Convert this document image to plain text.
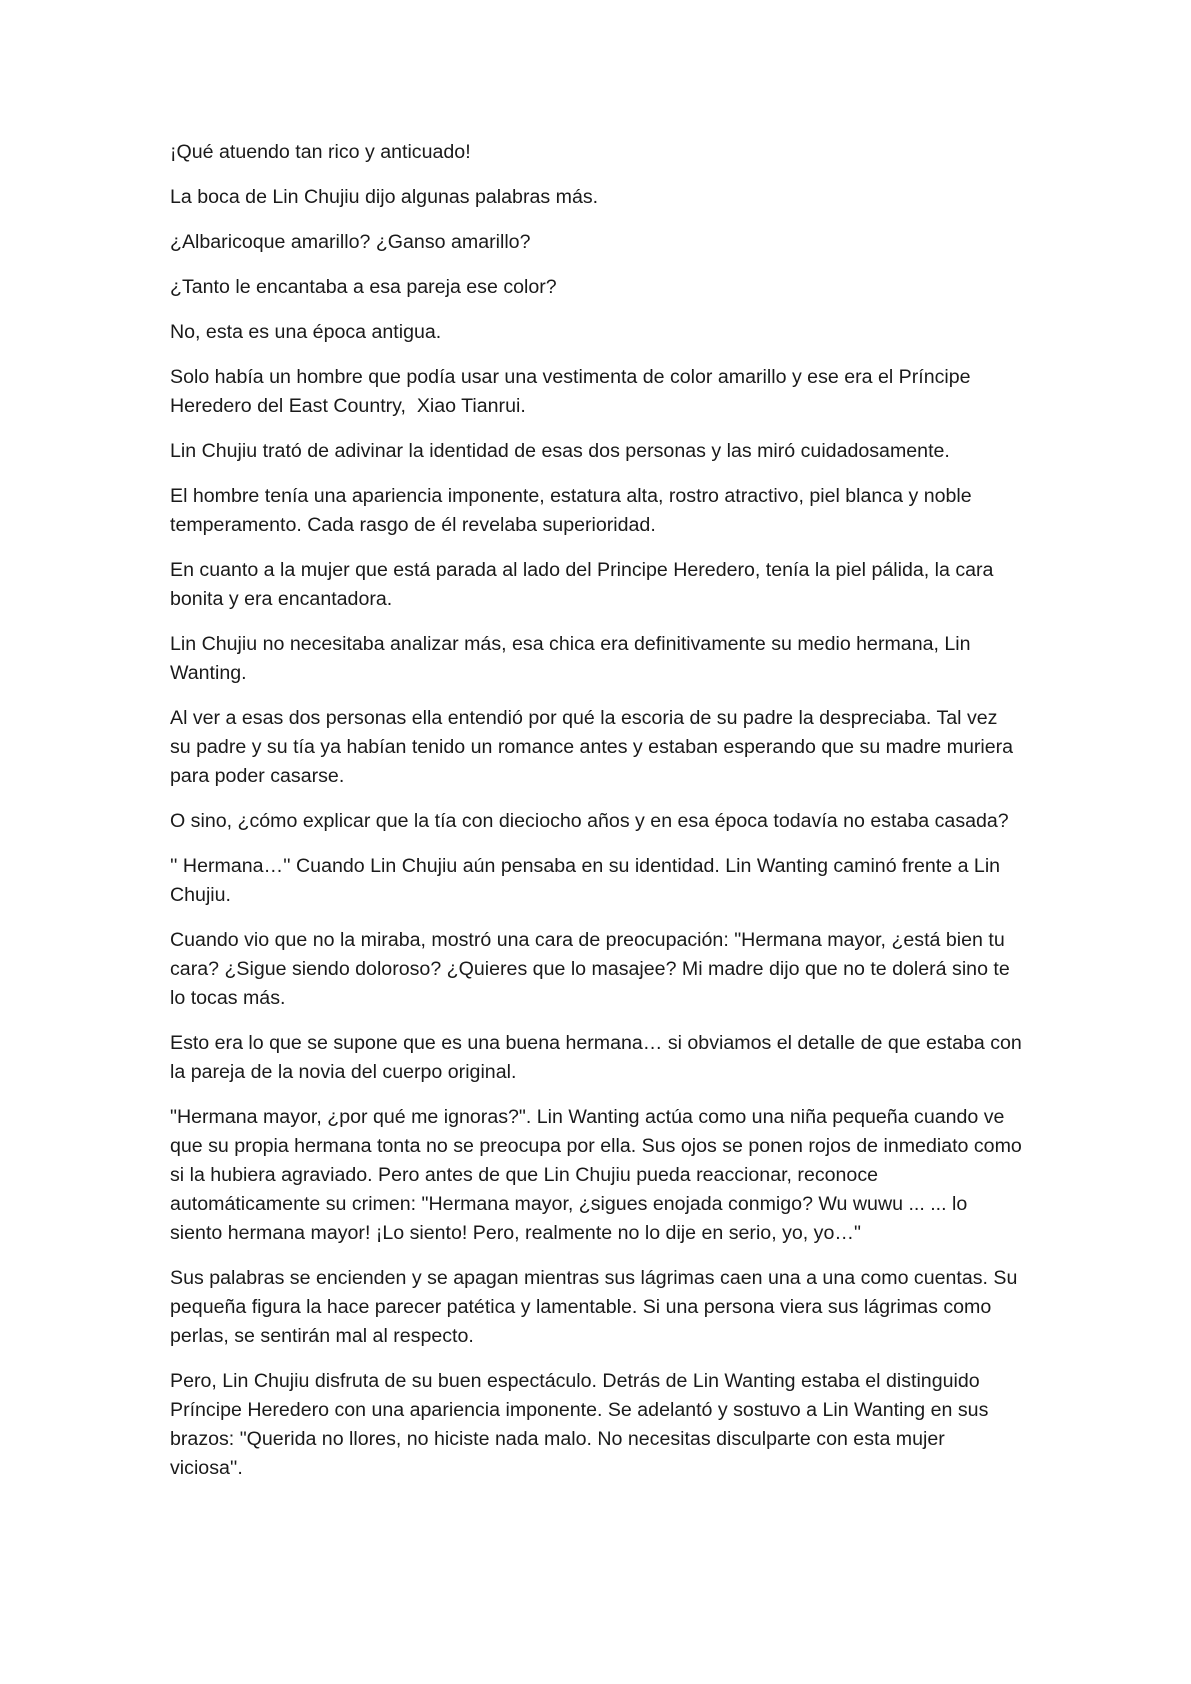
¡Qué atuendo tan rico y anticuado!

La boca de Lin Chujiu dijo algunas palabras más.

¿Albaricoque amarillo? ¿Ganso amarillo?

¿Tanto le encantaba a esa pareja ese color?

No, esta es una época antigua.

Solo había un hombre que podía usar una vestimenta de color amarillo y ese era el Príncipe Heredero del East Country,  Xiao Tianrui.

Lin Chujiu trató de adivinar la identidad de esas dos personas y las miró cuidadosamente.

El hombre tenía una apariencia imponente, estatura alta, rostro atractivo, piel blanca y noble temperamento. Cada rasgo de él revelaba superioridad.

En cuanto a la mujer que está parada al lado del Principe Heredero, tenía la piel pálida, la cara bonita y era encantadora.

Lin Chujiu no necesitaba analizar más, esa chica era definitivamente su medio hermana, Lin Wanting.

Al ver a esas dos personas ella entendió por qué la escoria de su padre la despreciaba. Tal vez su padre y su tía ya habían tenido un romance antes y estaban esperando que su madre muriera para poder casarse.

O sino, ¿cómo explicar que la tía con dieciocho años y en esa época todavía no estaba casada?

'' Hermana…'' Cuando Lin Chujiu aún pensaba en su identidad. Lin Wanting caminó frente a Lin Chujiu.

Cuando vio que no la miraba, mostró una cara de preocupación: "Hermana mayor, ¿está bien tu cara? ¿Sigue siendo doloroso? ¿Quieres que lo masajee? Mi madre dijo que no te dolerá sino te lo tocas más.

Esto era lo que se supone que es una buena hermana… si obviamos el detalle de que estaba con la pareja de la novia del cuerpo original.

"Hermana mayor, ¿por qué me ignoras?". Lin Wanting actúa como una niña pequeña cuando ve que su propia hermana tonta no se preocupa por ella. Sus ojos se ponen rojos de inmediato como si la hubiera agraviado. Pero antes de que Lin Chujiu pueda reaccionar, reconoce automáticamente su crimen: "Hermana mayor, ¿sigues enojada conmigo? Wu wuwu ... ... lo siento hermana mayor! ¡Lo siento! Pero, realmente no lo dije en serio, yo, yo…"

Sus palabras se encienden y se apagan mientras sus lágrimas caen una a una como cuentas. Su pequeña figura la hace parecer patética y lamentable. Si una persona viera sus lágrimas como perlas, se sentirán mal al respecto.

Pero, Lin Chujiu disfruta de su buen espectáculo. Detrás de Lin Wanting estaba el distinguido Príncipe Heredero con una apariencia imponente. Se adelantó y sostuvo a Lin Wanting en sus brazos: "Querida no llores, no hiciste nada malo. No necesitas disculparte con esta mujer viciosa''.
